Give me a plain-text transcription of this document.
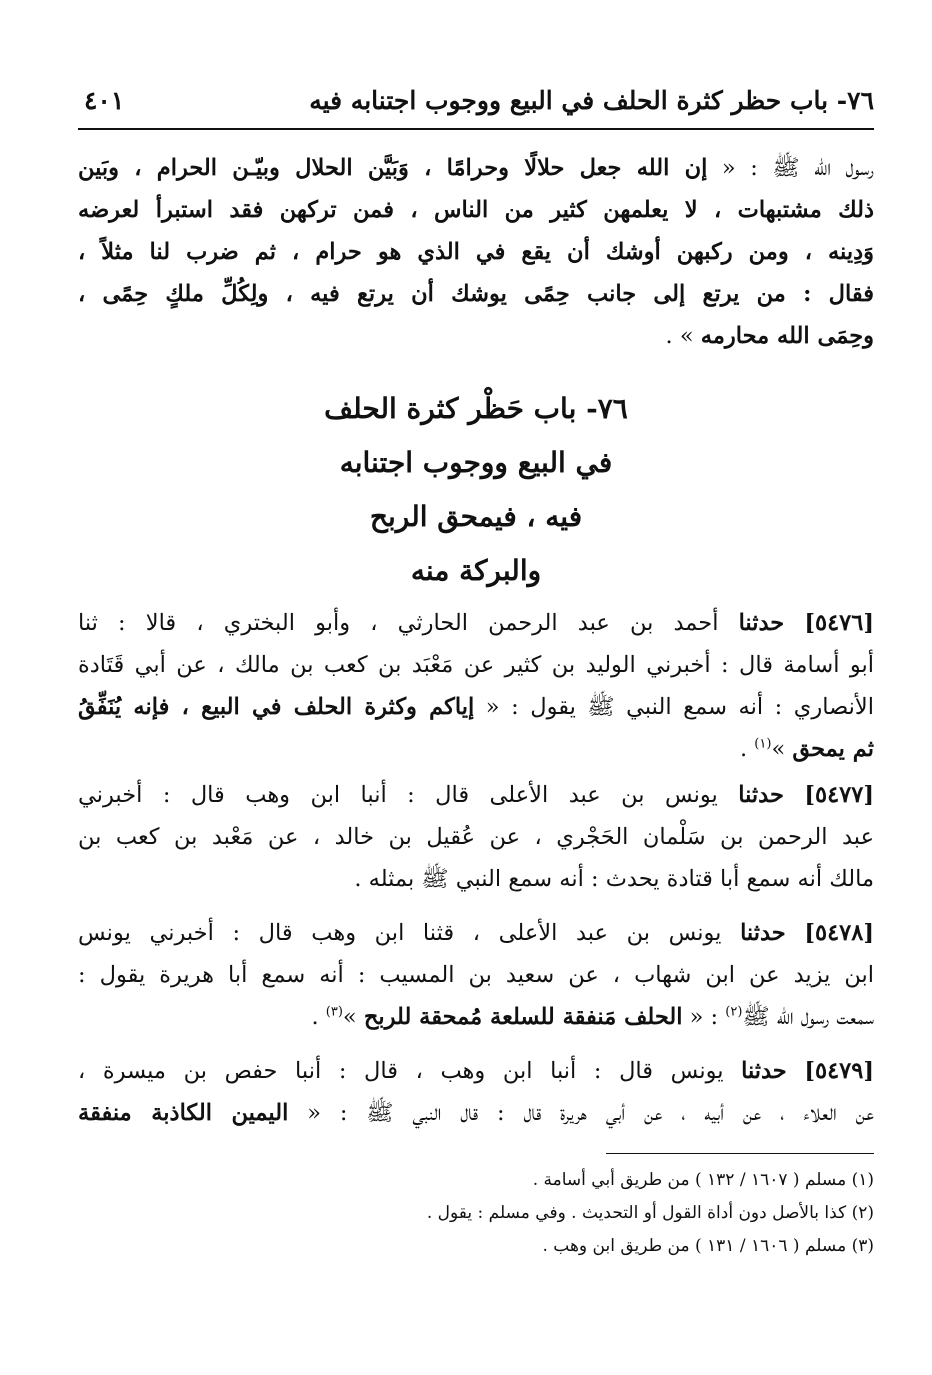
٧٦- باب حظر كثرة الحلف في البيع ووجوب اجتنابه فيه
٤٠١
رسول الله ﷺ : « إن الله جعل حلالًا وحرامًا ، وَبَيَّن الحلال وبيّـن الحرام ، وبَين
ذلك مشتبهات ، لا يعلمهن كثير من الناس ، فمن تركهن فقد استبرأ لعرضه
وَدِينه ، ومن ركبهن أوشك أن يقع في الذي هو حرام ، ثم ضرب لنا مثلاً ،
فقال : من يرتع إلى جانب حِمًى يوشك أن يرتع فيه ، ولِكُلِّ ملكٍ حِمًى ،
وحِمَى الله محارمه » .
٧٦- باب حَظْر كثرة الحلف
في البيع ووجوب اجتنابه
فيه ، فيمحق الربح
والبركة منه
[٥٤٧٦] حدثنا أحمد بن عبد الرحمن الحارثي ، وأبو البختري ، قالا : ثنا
أبو أسامة قال : أخبرني الوليد بن كثير عن مَعْبَد بن كعب بن مالك ، عن أبي قَتَادة
الأنصاري : أنه سمع النبي ﷺ يقول : « إياكم وكثرة الحلف في البيع ، فإنه يُنَفِّقُ
ثم يمحق »$^{(١)}$ .
[٥٤٧٧] حدثنا يونس بن عبد الأعلى قال : أنبا ابن وهب قال : أخبرني
عبد الرحمن بن سَلْمان الحَجْري ، عن عُقيل بن خالد ، عن مَعْبد بن كعب بن
مالك أنه سمع أبا قتادة يحدث : أنه سمع النبي ﷺ بمثله .
[٥٤٧٨] حدثنا يونس بن عبد الأعلى ، قثنا ابن وهب قال : أخبرني يونس
ابن يزيد عن ابن شهاب ، عن سعيد بن المسيب : أنه سمع أبا هريرة يقول :
سمعت رسول الله ﷺ$^{(٢)}$ : « الحلف مَنفقة للسلعة مُمحقة للربح »$^{(٣)}$ .
[٥٤٧٩] حدثنا يونس قال : أنبا ابن وهب ، قال : أنبا حفص بن ميسرة ،
عن العلاء ، عن أبيه ، عن أبي هريرة قال : قال النبي ﷺ : « اليمين الكاذبة منفقة
(١) مسلم ( ١٦٠٧ / ١٣٢ ) من طريق أبي أسامة .
(٢) كذا بالأصل دون أداة القول أو التحديث . وفي مسلم : يقول .
(٣) مسلم ( ١٦٠٦ / ١٣١ ) من طريق ابن وهب .
